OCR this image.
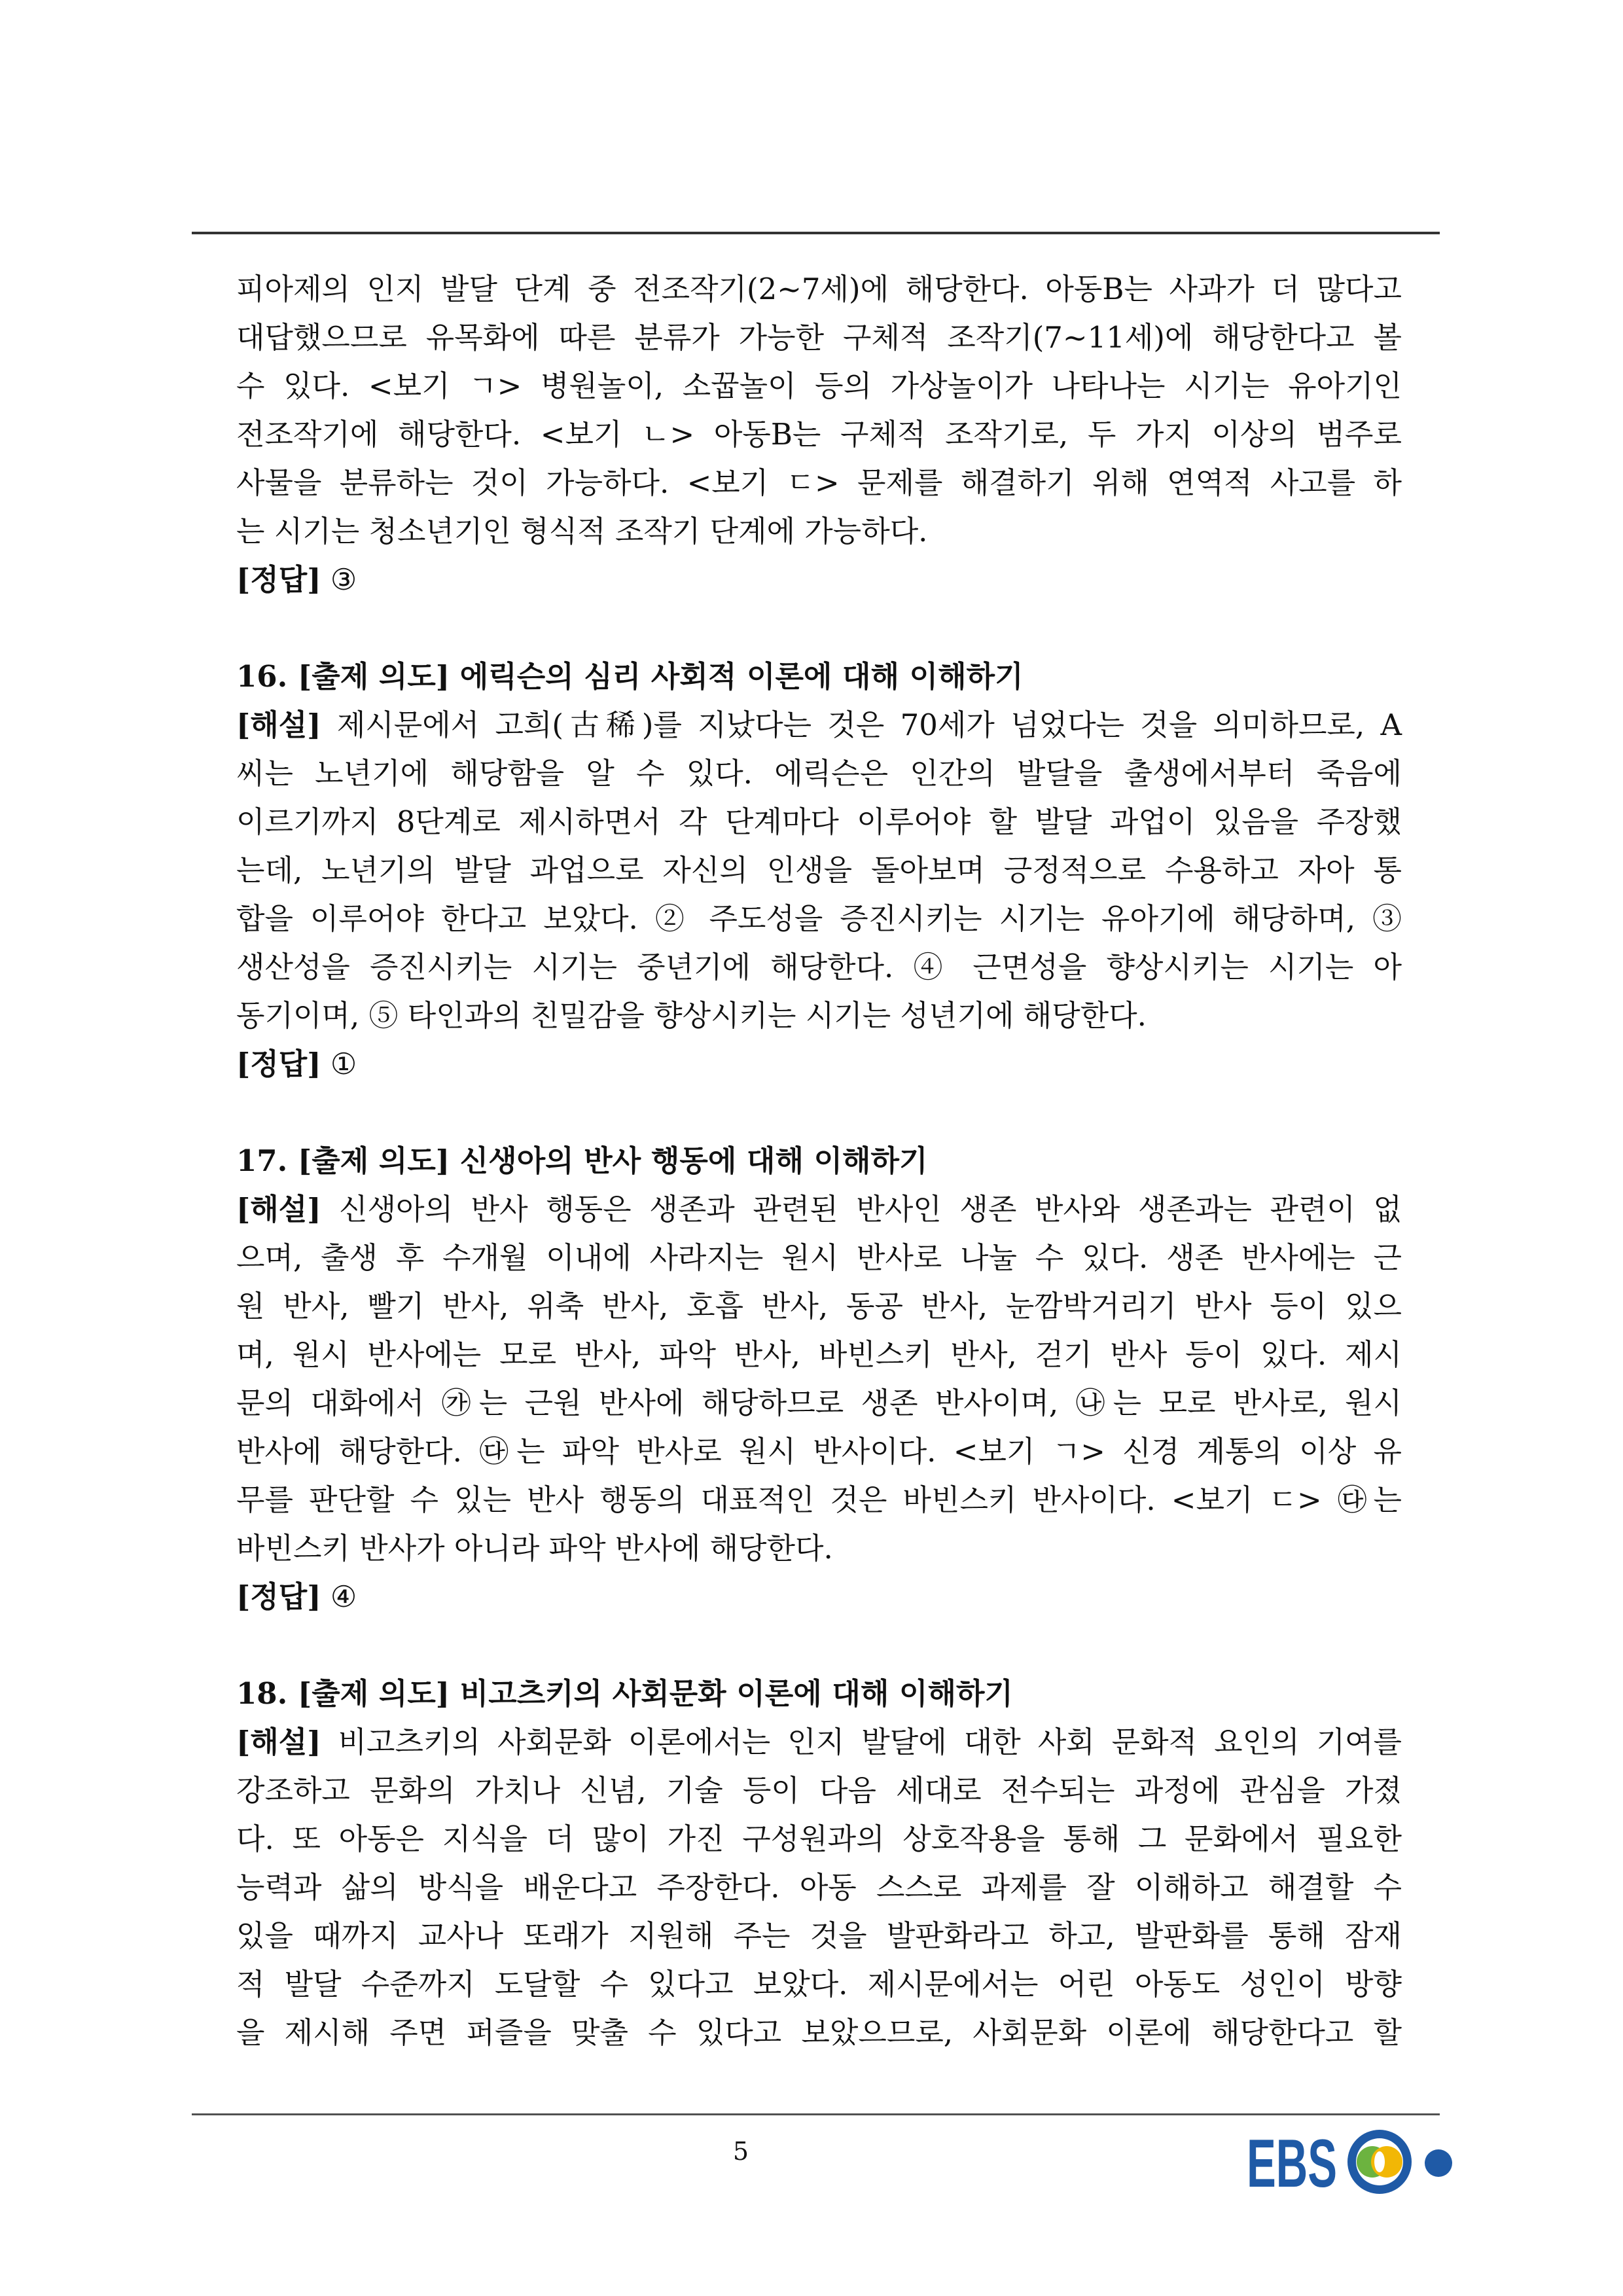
피아제의 인지 발달 단계 중 전조작기(2~7세)에 해당한다. 아동B는 사과가 더 많다고
대답했으므로 유목화에 따른 분류가 가능한 구체적 조작기(7~11세)에 해당한다고 볼
수 있다. <보기 ㄱ> 병원놀이, 소꿉놀이 등의 가상놀이가 나타나는 시기는 유아기인
전조작기에 해당한다. <보기 ㄴ> 아동B는 구체적 조작기로, 두 가지 이상의 범주로
사물을 분류하는 것이 가능하다. <보기 ㄷ> 문제를 해결하기 위해 연역적 사고를 하
는 시기는 청소년기인 형식적 조작기 단계에 가능하다.
[정답] ③
16. [출제 의도] 에릭슨의 심리 사회적 이론에 대해 이해하기
[해설] 제시문에서 고희(古稀)를 지났다는 것은 70세가 넘었다는 것을 의미하므로, A
씨는 노년기에 해당함을 알 수 있다. 에릭슨은 인간의 발달을 출생에서부터 죽음에
이르기까지 8단계로 제시하면서 각 단계마다 이루어야 할 발달 과업이 있음을 주장했
는데, 노년기의 발달 과업으로 자신의 인생을 돌아보며 긍정적으로 수용하고 자아 통
합을 이루어야 한다고 보았다. ② 주도성을 증진시키는 시기는 유아기에 해당하며, ③
생산성을 증진시키는 시기는 중년기에 해당한다. ④ 근면성을 향상시키는 시기는 아
동기이며, ⑤ 타인과의 친밀감을 향상시키는 시기는 성년기에 해당한다.
[정답] ①
17. [출제 의도] 신생아의 반사 행동에 대해 이해하기
[해설] 신생아의 반사 행동은 생존과 관련된 반사인 생존 반사와 생존과는 관련이 없
으며, 출생 후 수개월 이내에 사라지는 원시 반사로 나눌 수 있다. 생존 반사에는 근
원 반사, 빨기 반사, 위축 반사, 호흡 반사, 동공 반사, 눈깜박거리기 반사 등이 있으
며, 원시 반사에는 모로 반사, 파악 반사, 바빈스키 반사, 걷기 반사 등이 있다. 제시
문의 대화에서 ㉮는 근원 반사에 해당하므로 생존 반사이며, ㉯는 모로 반사로, 원시
반사에 해당한다. ㉰는 파악 반사로 원시 반사이다. <보기 ㄱ> 신경 계통의 이상 유
무를 판단할 수 있는 반사 행동의 대표적인 것은 바빈스키 반사이다. <보기 ㄷ> ㉰는
바빈스키 반사가 아니라 파악 반사에 해당한다.
[정답] ④
18. [출제 의도] 비고츠키의 사회문화 이론에 대해 이해하기
[해설] 비고츠키의 사회문화 이론에서는 인지 발달에 대한 사회 문화적 요인의 기여를
강조하고 문화의 가치나 신념, 기술 등이 다음 세대로 전수되는 과정에 관심을 가졌
다. 또 아동은 지식을 더 많이 가진 구성원과의 상호작용을 통해 그 문화에서 필요한
능력과 삶의 방식을 배운다고 주장한다. 아동 스스로 과제를 잘 이해하고 해결할 수
있을 때까지 교사나 또래가 지원해 주는 것을 발판화라고 하고, 발판화를 통해 잠재
적 발달 수준까지 도달할 수 있다고 보았다. 제시문에서는 어린 아동도 성인이 방향
을 제시해 주면 퍼즐을 맞출 수 있다고 보았으므로, 사회문화 이론에 해당한다고 할
5	EBS
